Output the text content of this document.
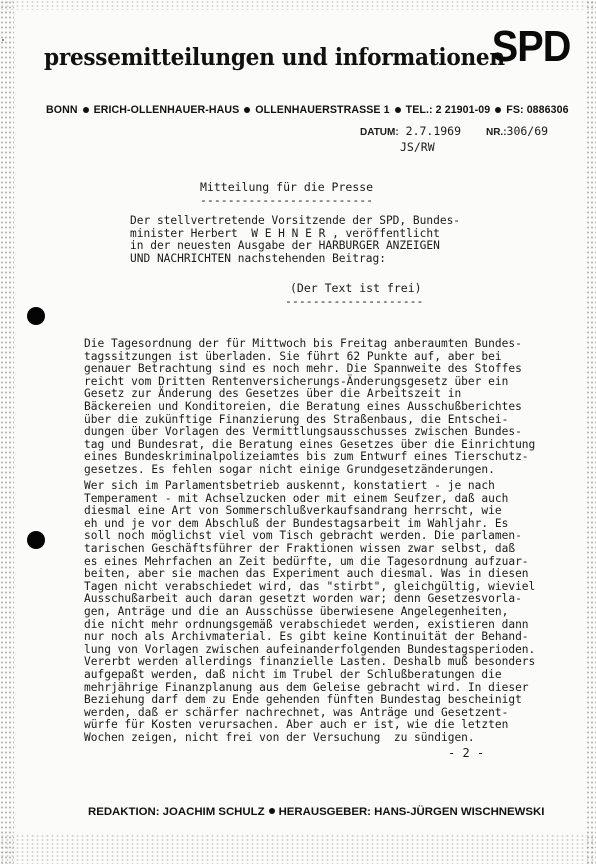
pressemitteilungen und informationen
SPD
BONN ERICH-OLLENHAUER-HAUS OLLENHAUERSTRASSE 1 TEL.: 2 21901-09 FS: 0886306
DATUM: 2.7.1969 NR.:306/69
JS/RW
Mitteilung für die Presse
-------------------------
Der stellvertretende Vorsitzende der SPD, Bundes-
minister Herbert  W E H N E R , veröffentlicht
in der neuesten Ausgabe der HARBURGER ANZEIGEN
UND NACHRICHTEN nachstehenden Beitrag:
(Der Text ist frei)
--------------------
Die Tagesordnung der für Mittwoch bis Freitag anberaumten Bundes-
tagssitzungen ist überladen. Sie führt 62 Punkte auf, aber bei
genauer Betrachtung sind es noch mehr. Die Spannweite des Stoffes
reicht vom Dritten Rentenversicherungs-Änderungsgesetz über ein
Gesetz zur Änderung des Gesetzes über die Arbeitszeit in
Bäckereien und Konditoreien, die Beratung eines Ausschußberichtes
über die zukünftige Finanzierung des Straßenbaus, die Entschei-
dungen über Vorlagen des Vermittlungsausschusses zwischen Bundes-
tag und Bundesrat, die Beratung eines Gesetzes über die Einrichtung
eines Bundeskriminalpolizeiamtes bis zum Entwurf eines Tierschutz-
gesetzes. Es fehlen sogar nicht einige Grundgesetzänderungen.
Wer sich im Parlamentsbetrieb auskennt, konstatiert - je nach
Temperament - mit Achselzucken oder mit einem Seufzer, daß auch
diesmal eine Art von Sommerschlußverkaufsandrang herrscht, wie
eh und je vor dem Abschluß der Bundestagsarbeit im Wahljahr. Es
soll noch möglichst viel vom Tisch gebracht werden. Die parlamen-
tarischen Geschäftsführer der Fraktionen wissen zwar selbst, daß
es eines Mehrfachen an Zeit bedürfte, um die Tagesordnung aufzuar-
beiten, aber sie machen das Experiment auch diesmal. Was in diesen
Tagen nicht verabschiedet wird, das "stirbt", gleichgültig, wieviel
Ausschußarbeit auch daran gesetzt worden war; denn Gesetzesvorla-
gen, Anträge und die an Ausschüsse überwiesene Angelegenheiten,
die nicht mehr ordnungsgemäß verabschiedet werden, existieren dann
nur noch als Archivmaterial. Es gibt keine Kontinuität der Behand-
lung von Vorlagen zwischen aufeinanderfolgenden Bundestagsperioden.
Vererbt werden allerdings finanzielle Lasten. Deshalb muß besonders
aufgepaßt werden, daß nicht im Trubel der Schlußberatungen die
mehrjährige Finanzplanung aus dem Geleise gebracht wird. In dieser
Beziehung darf dem zu Ende gehenden fünften Bundestag bescheinigt
werden, daß er schärfer nachrechnet, was Anträge und Gesetzent-
würfe für Kosten verursachen. Aber auch er ist, wie die letzten
Wochen zeigen, nicht frei von der Versuchung  zu sündigen.
- 2 -
REDAKTION: JOACHIM SCHULZ HERAUSGEBER: HANS-JÜRGEN WISCHNEWSKI
